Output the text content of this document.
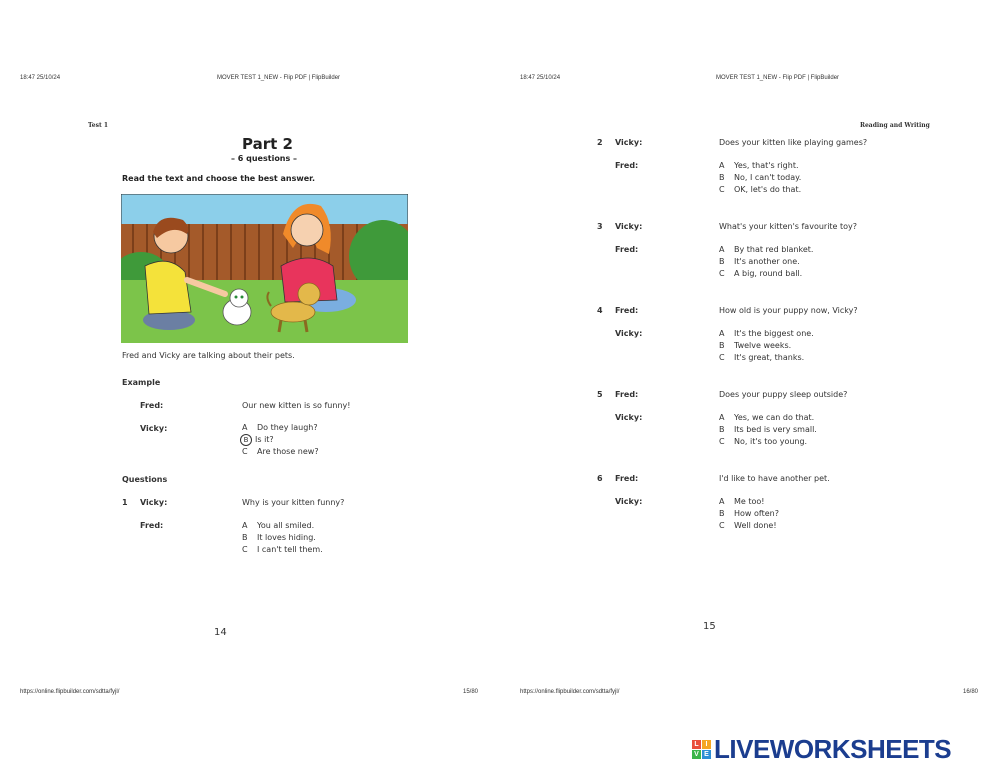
18:47 25/10/24	MOVER TEST 1_NEW - Flip PDF | FlipBuilder
Test 1
Part 2
– 6 questions –
Read the text and choose the best answer.
Fred and Vicky are talking about their pets.
Example
Fred:	Our new kitten is so funny!
Vicky:	A Do they laugh?
B Is it?
C Are those new?
Questions
1 Vicky:	Why is your kitten funny?
Fred:	A You all smiled.
B It loves hiding.
C I can't tell them.
14
https://online.flipbuilder.com/sdtta/fyjl/	15/80
18:47 25/10/24	MOVER TEST 1_NEW - Flip PDF | FlipBuilder
Reading and Writing
2 Vicky:	Does your kitten like playing games?
Fred:	A Yes, that's right.
B No, I can't today.
C OK, let's do that.
3 Vicky:	What's your kitten's favourite toy?
Fred:	A By that red blanket.
B It's another one.
C A big, round ball.
4 Fred:	How old is your puppy now, Vicky?
Vicky:	A It's the biggest one.
B Twelve weeks.
C It's great, thanks.
5 Fred:	Does your puppy sleep outside?
Vicky:	A Yes, we can do that.
B Its bed is very small.
C No, it's too young.
6 Fred:	I'd like to have another pet.
Vicky:	A Me too!
B How often?
C Well done!
15
https://online.flipbuilder.com/sdtta/fyjl/	16/80
L I
V E LIVEWORKSHEETS
